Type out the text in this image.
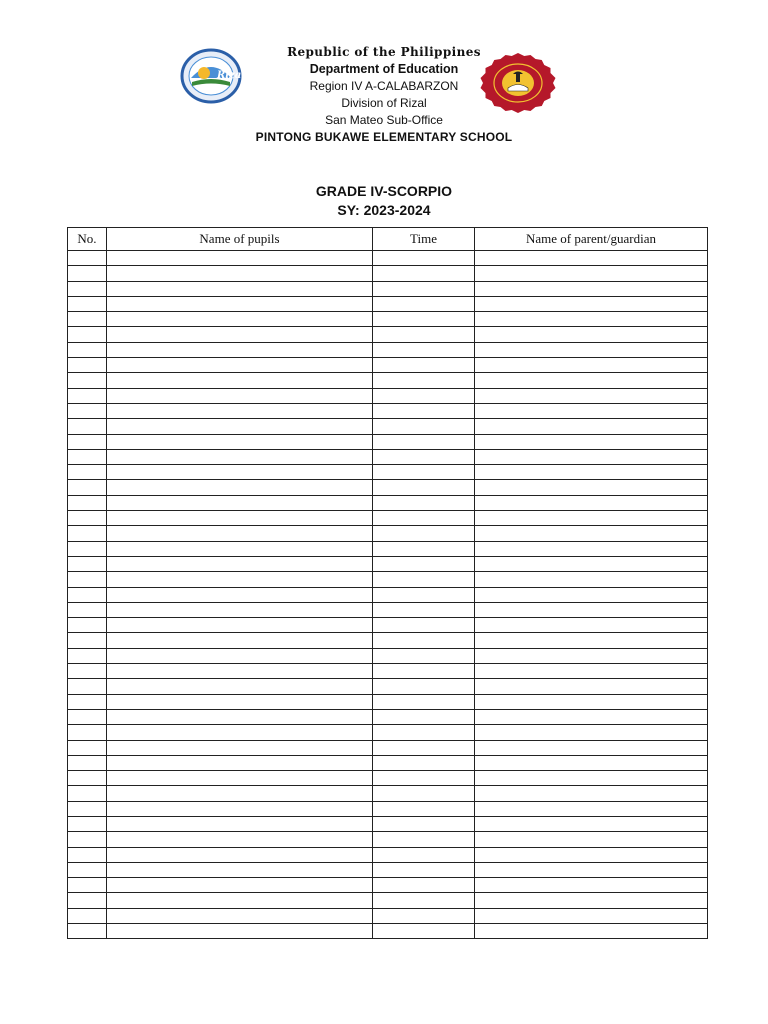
Rizal
Republic of the Philippines
Department of Education
Region IV A-CALABARZON
Division of Rizal
San Mateo Sub-Office
PINTONG BUKAWE ELEMENTARY SCHOOL
GRADE IV-SCORPIO
SY: 2023-2024
No.	Name of pupils	Time	Name of parent/guardian
